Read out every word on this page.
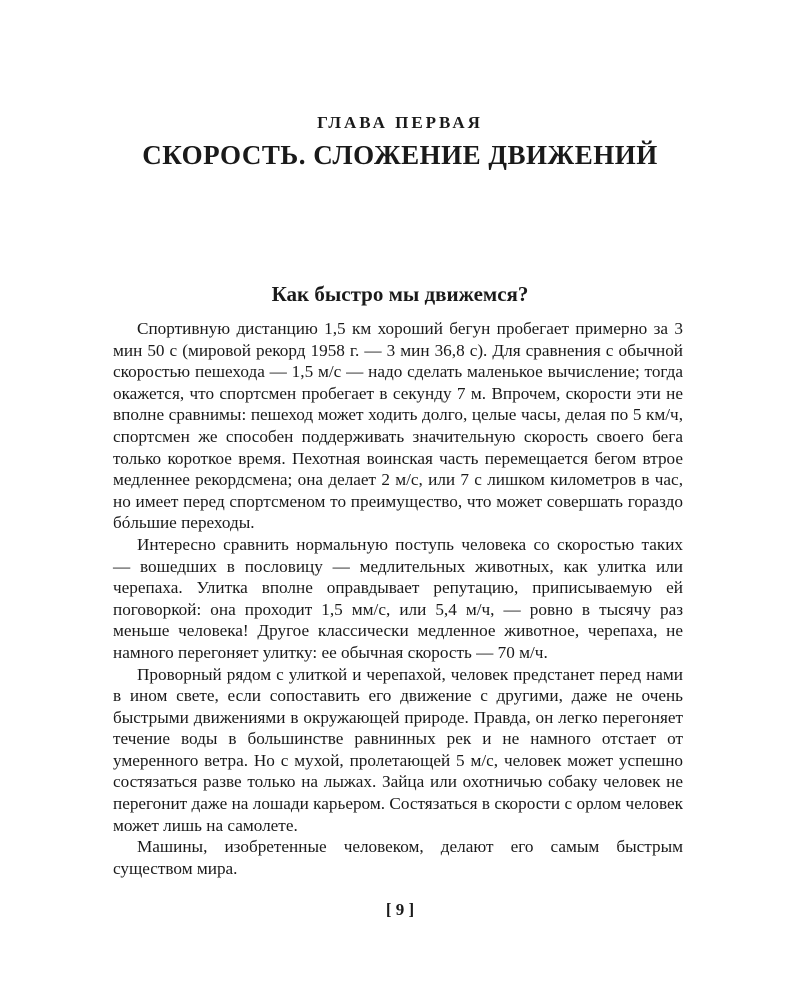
ГЛАВА ПЕРВАЯ
СКОРОСТЬ. СЛОЖЕНИЕ ДВИЖЕНИЙ
Как быстро мы движемся?

Спортивную дистанцию 1,5 км хороший бегун пробегает примерно за 3 мин 50 с (мировой рекорд 1958 г. — 3 мин 36,8 с). Для сравнения с обычной скоростью пешехода — 1,5 м/с — надо сделать маленькое вычисление; тогда окажется, что спортсмен пробегает в секунду 7 м. Впрочем, скорости эти не вполне сравнимы: пешеход может ходить долго, целые часы, делая по 5 км/ч, спортсмен же способен поддерживать значительную скорость своего бега только короткое время. Пехотная воинская часть перемещается бегом втрое медленнее рекордсмена; она делает 2 м/с, или 7 с лишком километров в час, но имеет перед спортсменом то преимущество, что может совершать гораздо бóльшие переходы.

Интересно сравнить нормальную поступь человека со скоростью таких — вошедших в пословицу — медлительных животных, как улитка или черепаха. Улитка вполне оправдывает репутацию, приписываемую ей поговоркой: она проходит 1,5 мм/с, или 5,4 м/ч, — ровно в тысячу раз меньше человека! Другое классически медленное животное, черепаха, не намного перегоняет улитку: ее обычная скорость — 70 м/ч.

Проворный рядом с улиткой и черепахой, человек предстанет перед нами в ином свете, если сопоставить его движение с другими, даже не очень быстрыми движениями в окружающей природе. Правда, он легко перегоняет течение воды в большинстве равнинных рек и не намного отстает от умеренного ветра. Но с мухой, пролетающей 5 м/с, человек может успешно состязаться разве только на лыжах. Зайца или охотничью собаку человек не перегонит даже на лошади карьером. Состязаться в скорости с орлом человек может лишь на самолете.

Машины, изобретенные человеком, делают его самым быстрым существом мира.

[ 9 ]
